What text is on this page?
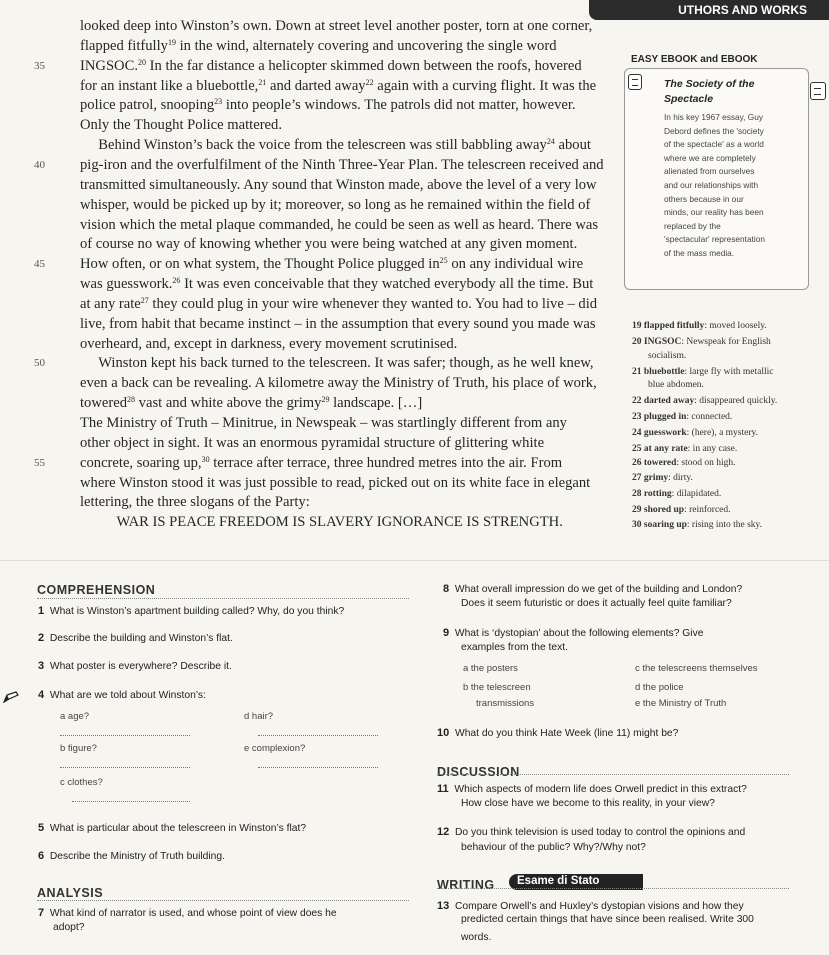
UTHORS AND WORKS
looked deep into Winston’s own. Down at street level another poster, torn at one corner,
flapped fitfully$^{19}$ in the wind, alternately covering and uncovering the single word
INGSOC.$^{20}$ In the far distance a helicopter skimmed down between the roofs, hovered
for an instant like a bluebottle,$^{21}$ and darted away$^{22}$ again with a curving flight. It was the
police patrol, snooping$^{23}$ into people’s windows. The patrols did not matter, however.
Only the Thought Police mattered.
Behind Winston’s back the voice from the telescreen was still babbling away$^{24}$ about
pig-iron and the overfulfilment of the Ninth Three-Year Plan. The telescreen received and
transmitted simultaneously. Any sound that Winston made, above the level of a very low
whisper, would be picked up by it; moreover, so long as he remained within the field of
vision which the metal plaque commanded, he could be seen as well as heard. There was
of course no way of knowing whether you were being watched at any given moment.
How often, or on what system, the Thought Police plugged $in^{25}$ on any individual wire
was guesswork.$^{26}$ It was even conceivable that they watched everybody all the time. But
at any rate$^{27}$ they could plug in your wire whenever they wanted to. You had to live – did
live, from habit that became instinct – in the assumption that every sound you made was
overheard, and, except in darkness, every movement scrutinised.
Winston kept his back turned to the telescreen. It was safer; though, as he well knew,
even a back can be revealing. A kilometre away the Ministry of Truth, his place of work,
towered$^{28}$ vast and white above the grimy$^{29}$ landscape. […]
The Ministry of Truth – Minitrue, in Newspeak – was startlingly different from any
other object in sight. It was an enormous pyramidal structure of glittering white
concrete, soaring up,$^{30}$ terrace after terrace, three hundred metres into the air. From
where Winston stood it was just possible to read, picked out on its white face in elegant
lettering, the three slogans of the Party:
WAR IS PEACE FREEDOM IS SLAVERY IGNORANCE IS STRENGTH.
35
40
45
50
55
EASY EBOOK and EBOOK
The Society of the
Spectacle
In his key 1967 essay, Guy
Debord defines the 'society
of the spectacle' as a world
where we are completely
alienated from ourselves
and our relationships with
others because in our
minds, our reality has been
replaced by the
'spectacular' representation
of the mass media.
19 flapped fitfully: moved loosely.
20 INGSOC: Newspeak for English
socialism.
21 bluebottle: large fly with metallic
blue abdomen.
22 darted away: disappeared quickly.
23 plugged in: connected.
24 guesswork: (here), a mystery.
25 at any rate: in any case.
26 towered: stood on high.
27 grimy: dirty.
28 rotting: dilapidated.
29 shored up: reinforced.
30 soaring up: rising into the sky.
COMPREHENSION
1 What is Winston’s apartment building called? Why, do you think?
2 Describe the building and Winston’s flat.
3 What poster is everywhere? Describe it.
4 What are we told about Winston’s:
a age?	d hair?
b figure?	e complexion?
c clothes?
5 What is particular about the telescreen in Winston’s flat?
6 Describe the Ministry of Truth building.
ANALYSIS
7 What kind of narrator is used, and whose point of view does he
adopt?
8 What overall impression do we get of the building and London?
Does it seem futuristic or does it actually feel quite familiar?
9 What is ‘dystopian’ about the following elements? Give
examples from the text.
a the posters	c the telescreens themselves
b the telescreen	d the police
transmissions	e the Ministry of Truth
10 What do you think Hate Week (line 11) might be?
DISCUSSION
11 Which aspects of modern life does Orwell predict in this extract?
How close have we become to this reality, in your view?
12 Do you think television is used today to control the opinions and
behaviour of the public? Why?/Why not?
WRITING	Esame di Stato
13 Compare Orwell’s and Huxley’s dystopian visions and how they
predicted certain things that have since been realised. Write 300
words.
